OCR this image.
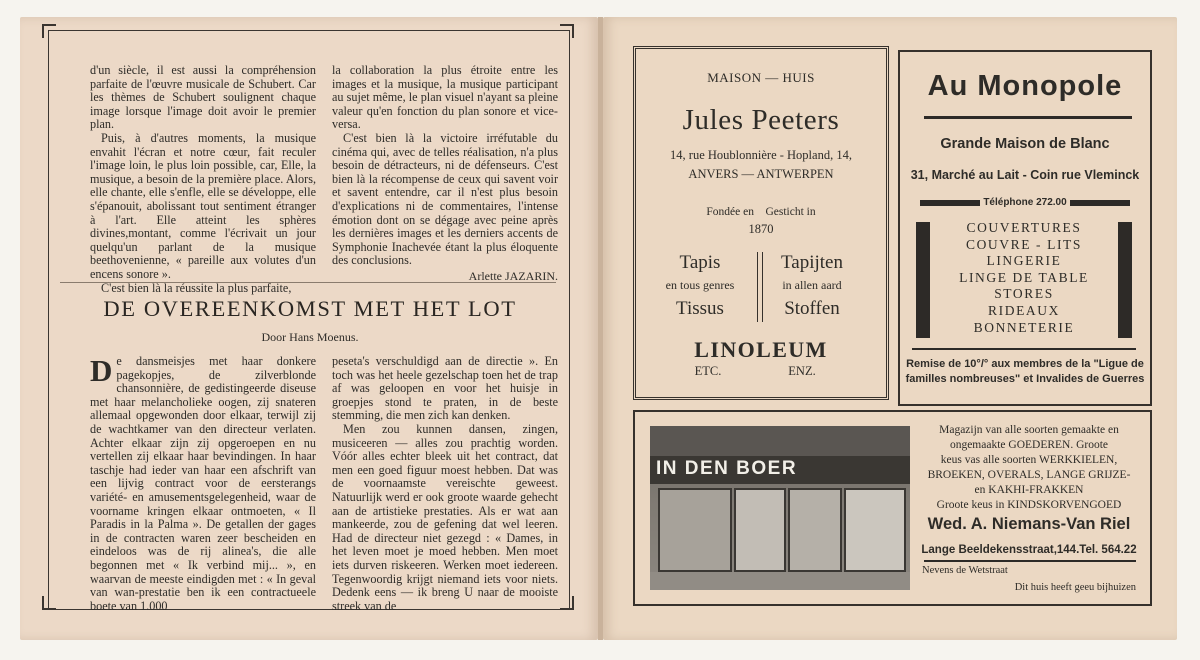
d'un siècle, il est aussi la compréhension parfaite de l'œuvre musicale de Schubert. Car les thèmes de Schubert soulignent chaque image lorsque l'image doit avoir le premier plan.

Puis, à d'autres moments, la musique envahit l'écran et notre cœur, fait reculer l'image loin, le plus loin possible, car, Elle, la musique, a besoin de la première place. Alors, elle chante, elle s'enfle, elle se développe, elle s'épanouit, abolissant tout sentiment étranger à l'art. Elle atteint les sphères divines,montant, comme l'écrivait un jour quelqu'un parlant de la musique beethovenienne, « pareille aux volutes d'un encens sonore ».

C'est bien là la réussite la plus parfaite,

la collaboration la plus étroite entre les images et la musique, la musique participant au sujet même, le plan visuel n'ayant sa pleine valeur qu'en fonction du plan sonore et vice-versa.

C'est bien là la victoire irréfutable du cinéma qui, avec de telles réalisation, n'a plus besoin de détracteurs, ni de défenseurs. C'est bien là la récompense de ceux qui savent voir et savent entendre, car il n'est plus besoin d'explications ni de commentaires, l'intense émotion dont on se dégage avec peine après les dernières images et les derniers accents de Symphonie Inachevée étant la plus éloquente des conclusions.

Arlette JAZARIN.
DE OVEREENKOMST MET HET LOT
Door Hans Moenus.
D e dansmeisjes met haar donkere pagekopjes, de zilverblonde chansonnière, de gedistingeerde diseuse met haar melancholieke oogen, zij snateren allemaal opgewonden door elkaar, terwijl zij de wachtkamer van den directeur verlaten. Achter elkaar zijn zij opgeroepen en nu vertellen zij elkaar haar bevindingen. In haar taschje had ieder van haar een afschrift van een lijvig contract voor de eersterangs variété- en amusementsgelegenheid, waar de voorname kringen elkaar ontmoeten, « Il Paradis in la Palma ». De getallen der gages in de contracten waren zeer bescheiden en eindeloos was de rij alinea's, die alle begonnen met « Ik verbind mij... », en waarvan de meeste eindigden met : « In geval van wan-prestatie ben ik een contractueele boete van 1.000

peseta's verschuldigd aan de directie ». En toch was het heele gezelschap toen het de trap af was geloopen en voor het huisje in groepjes stond te praten, in de beste stemming, die men zich kan denken.

Men zou kunnen dansen, zingen, musiceeren — alles zou prachtig worden. Vóór alles echter bleek uit het contract, dat men een goed figuur moest hebben. Dat was de voornaamste vereischte geweest. Natuurlijk werd er ook groote waarde gehecht aan de artistieke prestaties. Als er wat aan mankeerde, zou de gefening dat wel leeren. Had de directeur niet gezegd : « Dames, in het leven moet je moed hebben. Men moet iets durven riskeeren. Werken moet iedereen. Tegenwoordig krijgt niemand iets voor niets. Dedenk eens — ik breng U naar de mooiste streek van de

MAISON — HUIS
Jules Peeters
14, rue Houblonnière - Hopland, 14,
ANVERS — ANTWERPEN
Fondée en Gesticht in
1870
Tapis
en tous genres
Tissus
Tapijten
in allen aard
Stoffen
LINOLEUM
ETC.	ENZ.
Au Monopole
Grande Maison de Blanc
31, Marché au Lait - Coin rue Vleminck
Téléphone 272.00
COUVERTURES
COUVRE - LITS
LINGERIE
LINGE DE TABLE
STORES
RIDEAUX
BONNETERIE
Remise de 10°/° aux membres de la "Ligue de
familles nombreuses" et Invalides de Guerres
IN DEN BOER
Magazijn van alle soorten gemaakte en
ongemaakte GOEDEREN. Groote
keus vas alle soorten WERKKIELEN,
BROEKEN, OVERALS, LANGE GRIJZE-
en KAKHI-FRAKKEN
Groote keus in KINDSKORVENGOED
Wed. A. Niemans-Van Riel
Lange Beeldekensstraat,144.Tel. 564.22
Nevens de Wetstraat
Dit huis heeft geeu bijhuizen
